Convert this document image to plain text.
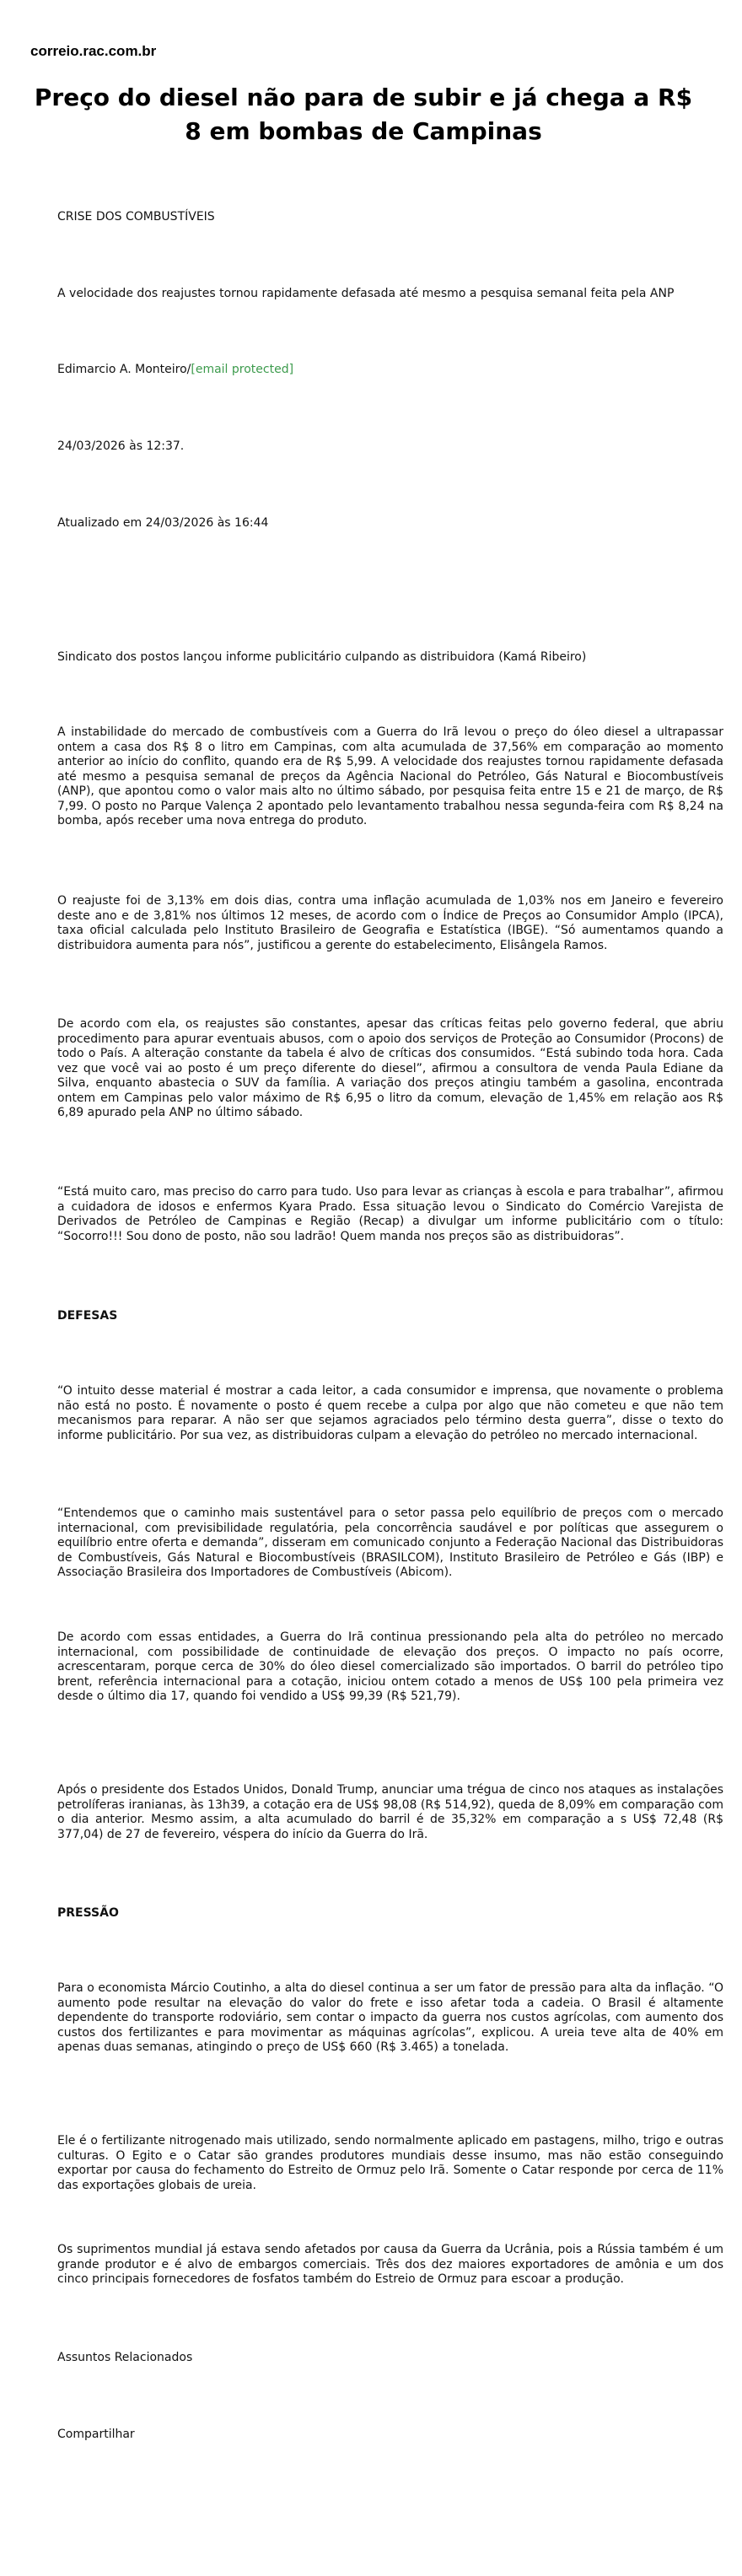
correio.rac.com.br
Preço do diesel não para de subir e já chega a R$ 8 em bombas de Campinas

CRISE DOS COMBUSTÍVEIS

A velocidade dos reajustes tornou rapidamente defasada até mesmo a pesquisa semanal feita pela ANP

Edimarcio A. Monteiro/[email protected]

24/03/2026 às 12:37.

Atualizado em 24/03/2026 às 16:44

Sindicato dos postos lançou informe publicitário culpando as distribuidora (Kamá Ribeiro)

A instabilidade do mercado de combustíveis com a Guerra do Irã levou o preço do óleo diesel a ultrapassar ontem a casa dos R$ 8 o litro em Campinas, com alta acumulada de 37,56% em comparação ao momento anterior ao início do conflito, quando era de R$ 5,99. A velocidade dos reajustes tornou rapidamente defasada até mesmo a pesquisa semanal de preços da Agência Nacional do Petróleo, Gás Natural e Biocombustíveis (ANP), que apontou como o valor mais alto no último sábado, por pesquisa feita entre 15 e 21 de março, de R$ 7,99. O posto no Parque Valença 2 apontado pelo levantamento trabalhou nessa segunda-feira com R$ 8,24 na bomba, após receber uma nova entrega do produto.

O reajuste foi de 3,13% em dois dias, contra uma inflação acumulada de 1,03% nos em Janeiro e fevereiro deste ano e de 3,81% nos últimos 12 meses, de acordo com o Índice de Preços ao Consumidor Amplo (IPCA), taxa oficial calculada pelo Instituto Brasileiro de Geografia e Estatística (IBGE). “Só aumentamos quando a distribuidora aumenta para nós”, justificou a gerente do estabelecimento, Elisângela Ramos.

De acordo com ela, os reajustes são constantes, apesar das críticas feitas pelo governo federal, que abriu procedimento para apurar eventuais abusos, com o apoio dos serviços de Proteção ao Consumidor (Procons) de todo o País. A alteração constante da tabela é alvo de críticas dos consumidos. “Está subindo toda hora. Cada vez que você vai ao posto é um preço diferente do diesel”, afirmou a consultora de venda Paula Ediane da Silva, enquanto abastecia o SUV da família. A variação dos preços atingiu também a gasolina, encontrada ontem em Campinas pelo valor máximo de R$ 6,95 o litro da comum, elevação de 1,45% em relação aos R$ 6,89 apurado pela ANP no último sábado.

“Está muito caro, mas preciso do carro para tudo. Uso para levar as crianças à escola e para trabalhar”, afirmou a cuidadora de idosos e enfermos Kyara Prado. Essa situação levou o Sindicato do Comércio Varejista de Derivados de Petróleo de Campinas e Região (Recap) a divulgar um informe publicitário com o título: “Socorro!!! Sou dono de posto, não sou ladrão! Quem manda nos preços são as distribuidoras”.

DEFESAS

“O intuito desse material é mostrar a cada leitor, a cada consumidor e imprensa, que novamente o problema não está no posto. É novamente o posto é quem recebe a culpa por algo que não cometeu e que não tem mecanismos para reparar. A não ser que sejamos agraciados pelo término desta guerra”, disse o texto do informe publicitário. Por sua vez, as distribuidoras culpam a elevação do petróleo no mercado internacional.

“Entendemos que o caminho mais sustentável para o setor passa pelo equilíbrio de preços com o mercado internacional, com previsibilidade regulatória, pela concorrência saudável e por políticas que assegurem o equilíbrio entre oferta e demanda”, disseram em comunicado conjunto a Federação Nacional das Distribuidoras de Combustíveis, Gás Natural e Biocombustíveis (BRASILCOM), Instituto Brasileiro de Petróleo e Gás (IBP) e Associação Brasileira dos Importadores de Combustíveis (Abicom).

De acordo com essas entidades, a Guerra do Irã continua pressionando pela alta do petróleo no mercado internacional, com possibilidade de continuidade de elevação dos preços. O impacto no país ocorre, acrescentaram, porque cerca de 30% do óleo diesel comercializado são importados. O barril do petróleo tipo brent, referência internacional para a cotação, iniciou ontem cotado a menos de US$ 100 pela primeira vez desde o último dia 17, quando foi vendido a US$ 99,39 (R$ 521,79).

Após o presidente dos Estados Unidos, Donald Trump, anunciar uma trégua de cinco nos ataques as instalações petrolíferas iranianas, às 13h39, a cotação era de US$ 98,08 (R$ 514,92), queda de 8,09% em comparação com o dia anterior. Mesmo assim, a alta acumulado do barril é de 35,32% em comparação a s US$ 72,48 (R$ 377,04) de 27 de fevereiro, véspera do início da Guerra do Irã.

PRESSÃO

Para o economista Márcio Coutinho, a alta do diesel continua a ser um fator de pressão para alta da inflação. “O aumento pode resultar na elevação do valor do frete e isso afetar toda a cadeia. O Brasil é altamente dependente do transporte rodoviário, sem contar o impacto da guerra nos custos agrícolas, com aumento dos custos dos fertilizantes e para movimentar as máquinas agrícolas”, explicou. A ureia teve alta de 40% em apenas duas semanas, atingindo o preço de US$ 660 (R$ 3.465) a tonelada.

Ele é o fertilizante nitrogenado mais utilizado, sendo normalmente aplicado em pastagens, milho, trigo e outras culturas. O Egito e o Catar são grandes produtores mundiais desse insumo, mas não estão conseguindo exportar por causa do fechamento do Estreito de Ormuz pelo Irã. Somente o Catar responde por cerca de 11% das exportações globais de ureia.

Os suprimentos mundiaI já estava sendo afetados por causa da Guerra da Ucrânia, pois a Rússia também é um grande produtor e é alvo de embargos comerciais. Três dos dez maiores exportadores de amônia e um dos cinco principais fornecedores de fosfatos também do Estreio de Ormuz para escoar a produção.

Assuntos Relacionados

Compartilhar
